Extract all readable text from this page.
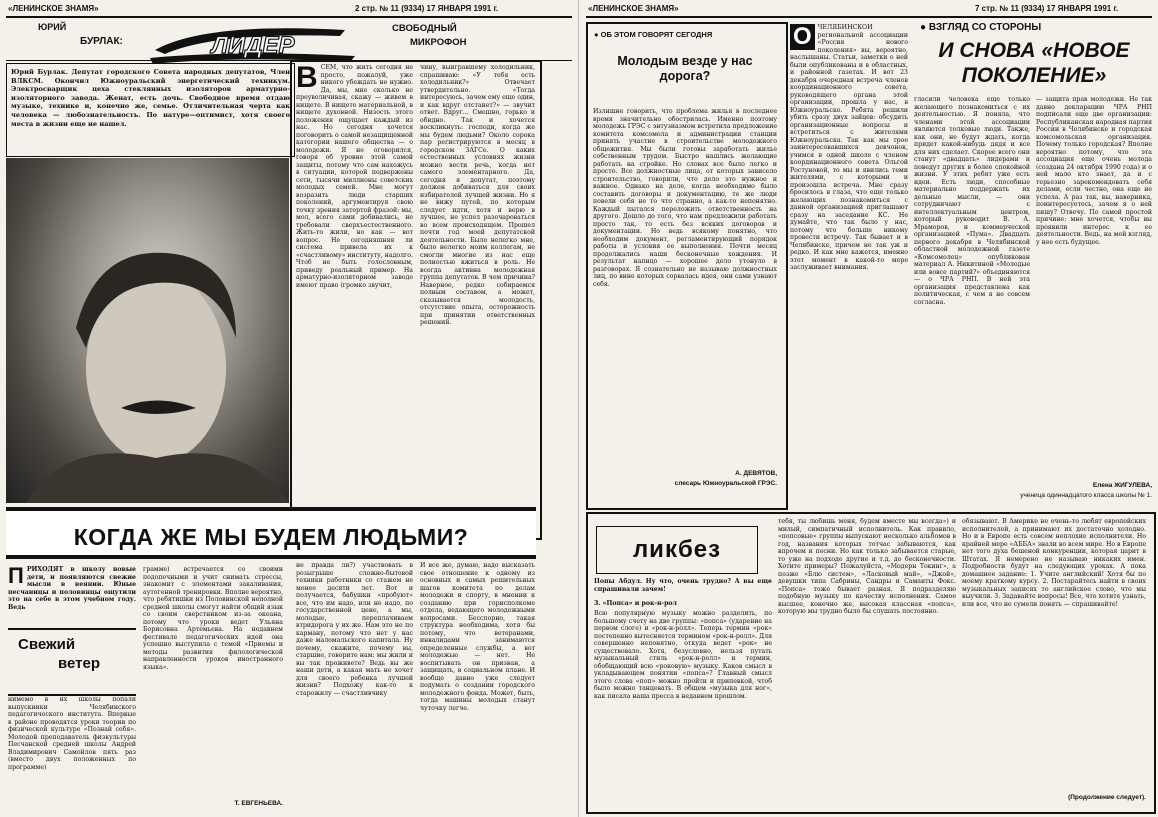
«ЛЕНИНСКОЕ ЗНАМЯ»	2 стр. № 11 (9334) 17 ЯНВАРЯ 1991 г.
ЮРИЙ
БУРЛАК:	ЛИДЕР
СВОБОДНЫЙ
МИКРОФОН
Юрий Бурлак. Депутат городского Совета народных депутатов, Член ВЛКСМ. Окончил Южноуральский энергетический техникум. Электросварщик цеха стеклянных изоляторов арматурно-изоляторного завода. Женат, есть дочь. Свободное время отдаю музыке, технике и, конечно же, семье. Отличительная черта как человека — любознательность. По натуре—оптимист, хотя своего места в жизни еще не нашел.
ВСЕМ, что жить сегодня не просто, пожалуй, уже никого убеждать не нужно. Да, мы, мне сколько не преувеличивая, скажу — живем в нищете. В нищете материальной, в нищете духовной. Низость этого положения ощущает каждый из нас. Но сегодня хочется поговорить о самой незащищенной категории нашего общества — о молодежи. Я не оговорился, говоря об уровне этой самой защиты, потому что сам нахожусь в ситуации, которой подвержены сети, тысячи миллионы советских молодых семей. Мне могут возразить люди старших поколений, аргументируя свою точку зрения затертой фразой: мы, мол, всего сами добивались, не требовали сверхъестественного. Жить-то жили, но как — вот вопрос. Не сегодняшняя ли система привела их к «счастливому» институту, надолго. Чтоб не быть голословным, приведу реальный пример. На арматурно-изоляторном заводе имеют право (громко звучит,
чину, выигравшему холодильник, спрашиваю: «У тебя есть холодильник?» Отвечает утвердительно. «Тогда интересуюсь, зачем ему еще один, и как вдруг отстанет?» — звучит ответ. Вдруг... Смешно, горько и обидно. Так и хочется воскликнуть: господи, когда же мы будем людьми? Около сорока пар регистрируются в месяц в городском ЗАГСе. О каких естественных условиях жизни можно вести речь, когда нет самого элементарного. Да, сегодня я депутат, поэтому должен добиваться для своих избирателей лучшей жизни. Но я не вижу путей, по которым следует идти, хотя и верю в лучшее, не успел разочароваться во всем происходящем. Прошел почти год моей депутатской деятельности. Было нелегко мне, было нелегко моим коллегам, не смогли многие из нас еще полностью вжиться в роль. Не всегда активна молодежная группа депутатов. В чем причина? Наверное, редко собираемся полным составом, а может, сказывается молодость, отсутствие опыта, осторожность при принятии ответственных решений.
КОГДА ЖЕ МЫ БУДЕМ ЛЮДЬМИ?
И все же, думаю, надо высказать свое отношение к одному из основных и самых решительных шагов комитета по делам молодежи и спорту, в мнении к созданию при горисполкоме отдела, ведающего молодежными вопросами. Бесспорно, такая структура необходима, хотя бы потому, что ветеранами, инвалидами занимаются определенные службы, а вот молодежью — нет. Не воспитывать он призван, а защищать, в социальном плане. И вообще давно уже следует подумать о создании городского молодежного фонда. Может, быть, тогда машины молодых станут чуточку легче.
ПРИХОДЯТ в школу новые дети, и появляются свежие мысли в веянии. Юные песчаницы и половинцы ощутили это на себе в этом учебном году. Ведь
Свежий
ветер
нимемо в их школы попали выпускники Челябинского педагогического института. Впервые в районе проводятся уроки теории по физической культуре «Познай себя». Молодой преподаватель физкультуры Песчанской средней школы Андрей Владимирович Самойлов пять раз (вместо двух положенных по программе)
грамме) встречается со своими подопечными и учит снимать стрессы, знакомит с элементами закаливания, аутогенной тренировки. Вполне вероятно, что ребятишки из Половинской неполной средней школы смогут найти общий язык со своим сверстником из-за океана, потому что уроки ведет Ульяна Борисовна Артемьева. На недавнем фестивале педагогических идей она успешно выступила с темой «Приемы и методы развития филологической направленности уроков иностранного языка».
Т. ЕВГЕНЬЕВА.
не правда ли?) участвовать в розыгрыше сложно-бытовой техники работники со стажем не менее десяти лет. Вот и получается, бабушки «пробуют» все, что им надо, или не надо, по государственной цене, а мы, молодые, переплачиваем втридорога у их же. Нам это не по карману, потому что нет у нас даже маломальского капитала. Ну почему, скажите, почему вы, старшие, говорите нам: мы жили и вы так проживете? Ведь вы же наши дети, а какая мать не хочет для своего ребенка лучшей жизни? Подхожу как-то к старожилу — счастливчику
«ЛЕНИНСКОЕ ЗНАМЯ»	7 стр. № 11 (9334) 17 ЯНВАРЯ 1991 г.
● ОБ ЭТОМ ГОВОРЯТ СЕГОДНЯ
Молодым везде у нас дорога?
Излишне говорить, что проблема жилья в последнее время значительно обострилась. Именно поэтому молодежь ГРЭС с энтузиазмом встретила предложение комитета комсомола и администрации станции принять участие в строительстве молодежного общежития. Мы были готовы заработать жилье собственным трудом. Быстро нашлись желающие работать на стройке. Но словах все было легко и просто. Все должностные лица, от которых зависело строительство, говорили, что дело это нужное и важное. Однако на деле, когда необходимо было составить договоры и документацию, те же люди повели себя не то что странно, а как-то непонятно. Каждый пытался переложить ответственность на другого. Дошло до того, что нам предложили работать просто так, то есть без всяких договоров и документации. Но ведь всякому понятно, что необходим документ, регламентирующий порядок работы и условия ее выполнения. Почти месяц продолжались наши бесконечные хождения. И результат напицо — хорошее дело утонуло в разговорах. Я сознательно не называю должностных лиц, по вине которых сорвалась идея, они сами узнают себя.
А. ДЕВЯТОВ,
слесарь Южноуральской ГРЭС.
О ЧЕЛЯБИНСКОЙ региональной ассоциации «Россия нового поколения» вы, вероятно, наслышаны. Статьи, заметки о ней были опубликованы и в областных, и районной газетах. И вот 23 декабря очередная встреча членов координационного совета, руководящего органа этой организации, прошла у нас, в Южноуральске. Ребята решили убить сразу двух зайцев: обсудить организационные вопросы и встретиться с жителями Южноуральска. Так как мы трое заинтересовавшихся девчонок, учимся в одной школе с членом координационного совета Ольгой Ростуновой, то мы и явились теми жителями, с которыми и произошла встреча. Мне сразу бросилось в глаза, что еще только желающих познакомиться с данной организацией приглашают сразу на заседание КС. Не думайте, что так было у нас, потому что больше никому провести встречу. Так бывает и в Челябинске, причем не так уж и редко. И как мне кажется, именно этот момент в какой-то мере заслуживает внимания.
● ВЗГЛЯД СО СТОРОНЫ
И СНОВА «НОВОЕ ПОКОЛЕНИЕ»
гласили человека еще только желающего познакомиться с их деятельностью. Я поняла, что членами этой ассоциации являются толковые люди. Также, как они, не будут ждать, когда придет какой-нибудь дядя и все для них сделает. Скорее всего они станут «двадцать» лидерами и поведут других в более спокойной жизни. У этих ребят уже есть идеи. Есть люди, способные материально поддержать их дельные мысли, — они сотрудничают с интеллектуальным центром, который руководит В. А. Мраморов, и коммерческой организацией «Пума». Двадцать первого декабря в Челябинской областной молодежной газете «Комсомолец» опубликован материал А. Никитиной «Молодые или вовсе партий?» объединяются — о ЧРА РНП. В ней эта организация представлена как политическая, с чем я не совсем согласна.
— защита прав молодежи. Не так давно декларацию ЧРА РНП подписали еще две организации: Республиканская народная партия России в Челябинске и городская комсомольская организация. Почему только городская? Вполне вероятно потому, что эта ассоциация еще очень молода (создана 24 октября 1990 года) и о ней мало кто знает, да и с терьезно зарекомендовать себя делами, если честно, она еще не успела. А раз так, вы, наверника, поинтересуетесь, зачем я о ней пишу? Отвечу. По самой простой причине: мне хочется, чтобы вы проявили интерес к ее деятельности. Ведь, на мой взгляд, у нее есть будущее.
Елена ЖИГУЛЕВА,
ученица одиннадцатого класса школы № 1.
ликбез
Попы Абдул. Ну что, очень трудно? А вы еще спрашивали зачем!
3. «Попса» и рок-н-рол
Всю популярную музыку можно разделить, по большому счету на две группы: «попса» (ударение на первом слоге) и «рок-н-ролл». Теперь термин «рок» постепенно вытесняется термином «рок-н-ролл». Для совершенно непонятно, откуда ведет «рок» не существовало. Хотя, безусловно, нельзя путать музыкальный стиль «рок-н-ролл» и термин, обобщающий всю «роковую» музыку. Каков смысл в укладывающем понятии «попса»? Главный смысл этого слова «поп» можно пройти и припевкой, чтоб было можно танцевать. В общем «музыка для ног», как писала наша пресса в недавнем прошлом.
тебя, ты любишь меня, будем вместе мы всегда») и милый, симпатичный исполнитель. Как правило, «попсовые» группы выпускают несколько альбомов в год, названия которых тотчас забываются, как впрочем и песни. Но как только забывается старые, то уже на подходе другие и т.д. до бесконечности. Хотите примеры? Пожалуйста, «Модерн Токинг», а позже «Блю систем», «Ласковый май», «Джой», девушки типа Сабрины, Сандры и Саманты Фокс. «Попса» тоже бывает разная. Я подразделяю подобную музыку по качеству исполнения. Самое высшее, конечно же, высокая классная «попса», которую мы трудно было бы слушать постоянно.
обязывают. В Америке не очень-то любят европейских исполнителей, а принимают их достаточно холодно. Но и в Европе есть совсем неплохие исполнители. Но крайней мере «АББА» знали во всем мире. Но в Европе нет того духа бешеной конкуренции, которая царит в Штатах. Я немерено не называю никаких имен. Подробности будут на следующих уроках. А пока домашнее задание: 1. Учите английский! Хотя бы по моему краткому курсу. 2. Постарайтесь найти в своих музыкальных записях то английское слово, что мы выучили. 3. Задавайте вопросы! Все, что хотите узнать, или все, что не сумели понять — спрашивайте!
(Продолжение следует).
